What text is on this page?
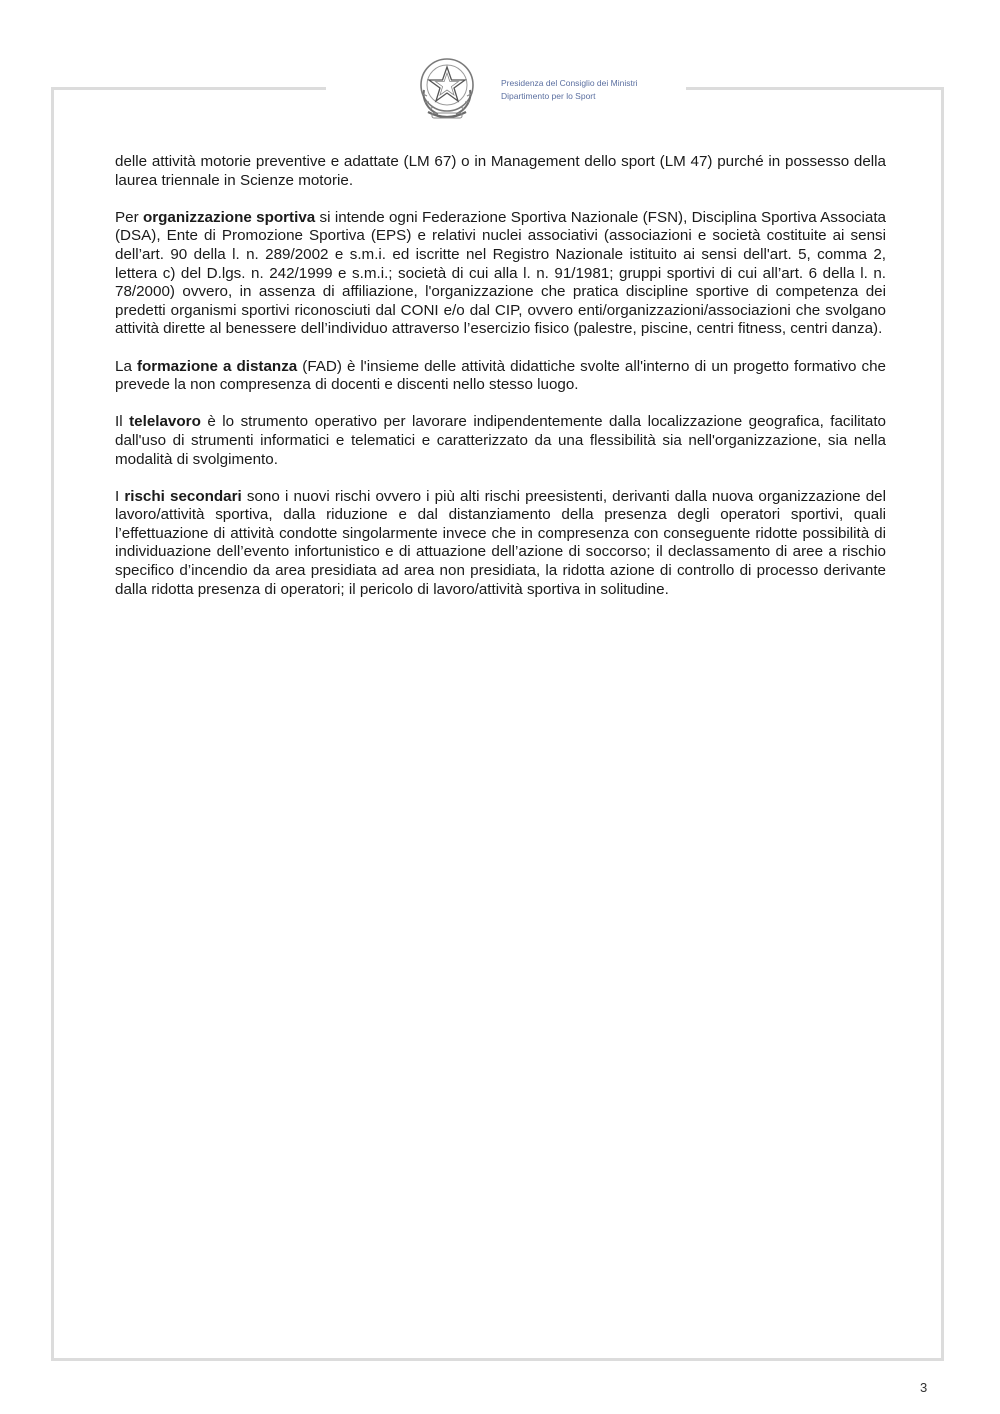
Presidenza del Consiglio dei Ministri
Dipartimento per lo Sport

delle attività motorie preventive e adattate (LM 67) o in Management dello sport (LM 47) purché in possesso della laurea triennale in Scienze motorie.

Per organizzazione sportiva si intende ogni Federazione Sportiva Nazionale (FSN), Disciplina Sportiva Associata (DSA), Ente di Promozione Sportiva (EPS) e relativi nuclei associativi (associazioni e società costituite ai sensi dell’art. 90 della l. n. 289/2002 e s.m.i. ed iscritte nel Registro Nazionale istituito ai sensi dell'art. 5, comma 2, lettera c) del D.lgs. n. 242/1999 e s.m.i.; società di cui alla l. n. 91/1981; gruppi sportivi di cui all’art. 6 della l. n. 78/2000) ovvero, in assenza di affiliazione, l'organizzazione che pratica discipline sportive di competenza dei predetti organismi sportivi riconosciuti dal CONI e/o dal CIP, ovvero enti/organizzazioni/associazioni che svolgano attività dirette al benessere dell’individuo attraverso l’esercizio fisico (palestre, piscine, centri fitness, centri danza).

La formazione a distanza (FAD) è l'insieme delle attività didattiche svolte all'interno di un progetto formativo che prevede la non compresenza di docenti e discenti nello stesso luogo.

Il telelavoro è lo strumento operativo per lavorare indipendentemente dalla localizzazione geografica, facilitato dall'uso di strumenti informatici e telematici e caratterizzato da una flessibilità sia nell'organizzazione, sia nella modalità di svolgimento.

I rischi secondari sono i nuovi rischi ovvero i più alti rischi preesistenti, derivanti dalla nuova organizzazione del lavoro/attività sportiva, dalla riduzione e dal distanziamento della presenza degli operatori sportivi, quali l’effettuazione di attività condotte singolarmente invece che in compresenza con conseguente ridotte possibilità di individuazione dell’evento infortunistico e di attuazione dell’azione di soccorso; il declassamento di aree a rischio specifico d’incendio da area presidiata ad area non presidiata, la ridotta azione di controllo di processo derivante dalla ridotta presenza di operatori; il pericolo di lavoro/attività sportiva in solitudine.

3
